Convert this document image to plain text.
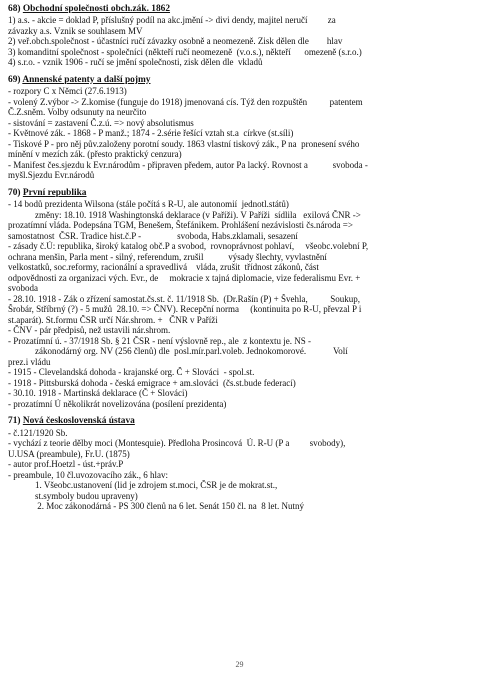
68) Obchodní společnosti obch.zák. 1862
1) a.s. - akcie = doklad P, příslušný podíl na akc.jmění -> divi dendy, majitel neručí         za
závazky a.s. Vznik se souhlasem MV
2) veř.obch.společnost - účastníci ručí závazky osobně a neomezeně. Zisk dělen dle        hlav
3) komanditní společnost - společníci (někteří ručí neomezeně  (v.o.s.), někteří      omezeně (s.r.o.)
4) s.r.o. - vznik 1906 - ručí se jmění společnosti, zisk dělen dle  vkladů
69) Annenské patenty a další pojmy
- rozpory C x Němci (27.6.1913)
- volený Z.výbor -> Z.komise (funguje do 1918) jmenovaná cís. Týž den rozpuštěn          patentem
Č.Z.sněm. Volby odsunuty na neurčito
- sistování = zastavení Č.z.ú. => nový absolutismus
- Květnové zák. - 1868 - P manž.; 1874 - 2.série řešící vztah st.a  církve (st.síli)
- Tiskové P - pro něj pův.založeny porotní soudy. 1863 vlastní tiskový zák., P na  pronesení svého
mínění v mezích zák. (přesto praktický cenzura)
- Manifest čes.sjezdu k Evr.národům - připraven předem, autor Pa lacký. Rovnost a           svoboda -
myšl.Sjezdu Evr.národů
70) První republika
- 14 bodů prezidenta Wilsona (stále počítá s R-U, ale autonomií  jednotl.států)
změny: 18.10. 1918 Washingtonská deklarace (v Paříži). V Paříži  sídlila   exilová ČNR ->
prozatímní vláda. Podepsána TGM, Benešem, Štefánikem. Prohlášení nezávislosti čs.národa =>
samostatnost  ČSR. Tradice hist.č.P -                svoboda, Habs.zklamali, sesazení
- zásady č.Ú: republika, široký katalog obč.P a svobod,  rovnoprávnost pohlaví,     všeobc.volební P,
ochrana menšin, Parla ment - silný, referendum, zrušil           výsady šlechty, vyvlastnění
velkostatků, soc.reformy, racionální a spravedlivá    vláda, zrušit  třídnost zákonů, část
odpovědnosti za organizaci vých. Evr., de     mokracie x tajná diplomacie, vize federalismu Evr. +
svoboda
- 28.10. 1918 - Zák o zřízení samostat.čs.st. č. 11/1918 Sb.  (Dr.Rašín (P) + Švehla,          Soukup,
Šrobár, Stříbrný (?) - 5 mužů  28.10. => ČNV). Recepční norma     (kontinuita po R-U, převzal P i
st.aparát). St.formu ČSR určí Nár.shrom. +   ČNR v Paříži
- ČNV - pár předpisů, než ustavili nár.shrom.
- Prozatímní ú. - 37/1918 Sb. § 21 ČSR - není výslovně rep., ale  z kontextu je. NS -
zákonodárný org. NV (256 členů) dle  posl.mír.parl.voleb. Jednokomorové.            Volí
prez.i vládu
- 1915 - Clevelandská dohoda - krajanské org. Č + Slováci  - spol.st.
- 1918 - Pittsburská dohoda - česká emigrace + am.slováci  (čs.st.bude federací)
- 30.10. 1918 - Martinská deklarace (Č + Slováci)
- prozatímní Ú několikrát novelizována (posílení prezidenta)
71) Nová československá ústava
- č.121/1920 Sb.
- vychází z teorie dělby moci (Montesquie). Předloha Prosincová  Ú. R-U (P a         svobody),
U.USA (preambule), Fr.U. (1875)
- autor prof.Hoetzl - úst.+práv.P
- preambule, 10 čl.uvozovacího zák., 6 hlav:
1. Všeobc.ustanovení (lid je zdrojem st.moci, ČSR je de mokrat.st.,
st.symboly budou upraveny)
2. Moc zákonodárná - PS 300 členů na 6 let. Senát 150 čl. na  8 let. Nutný
29
